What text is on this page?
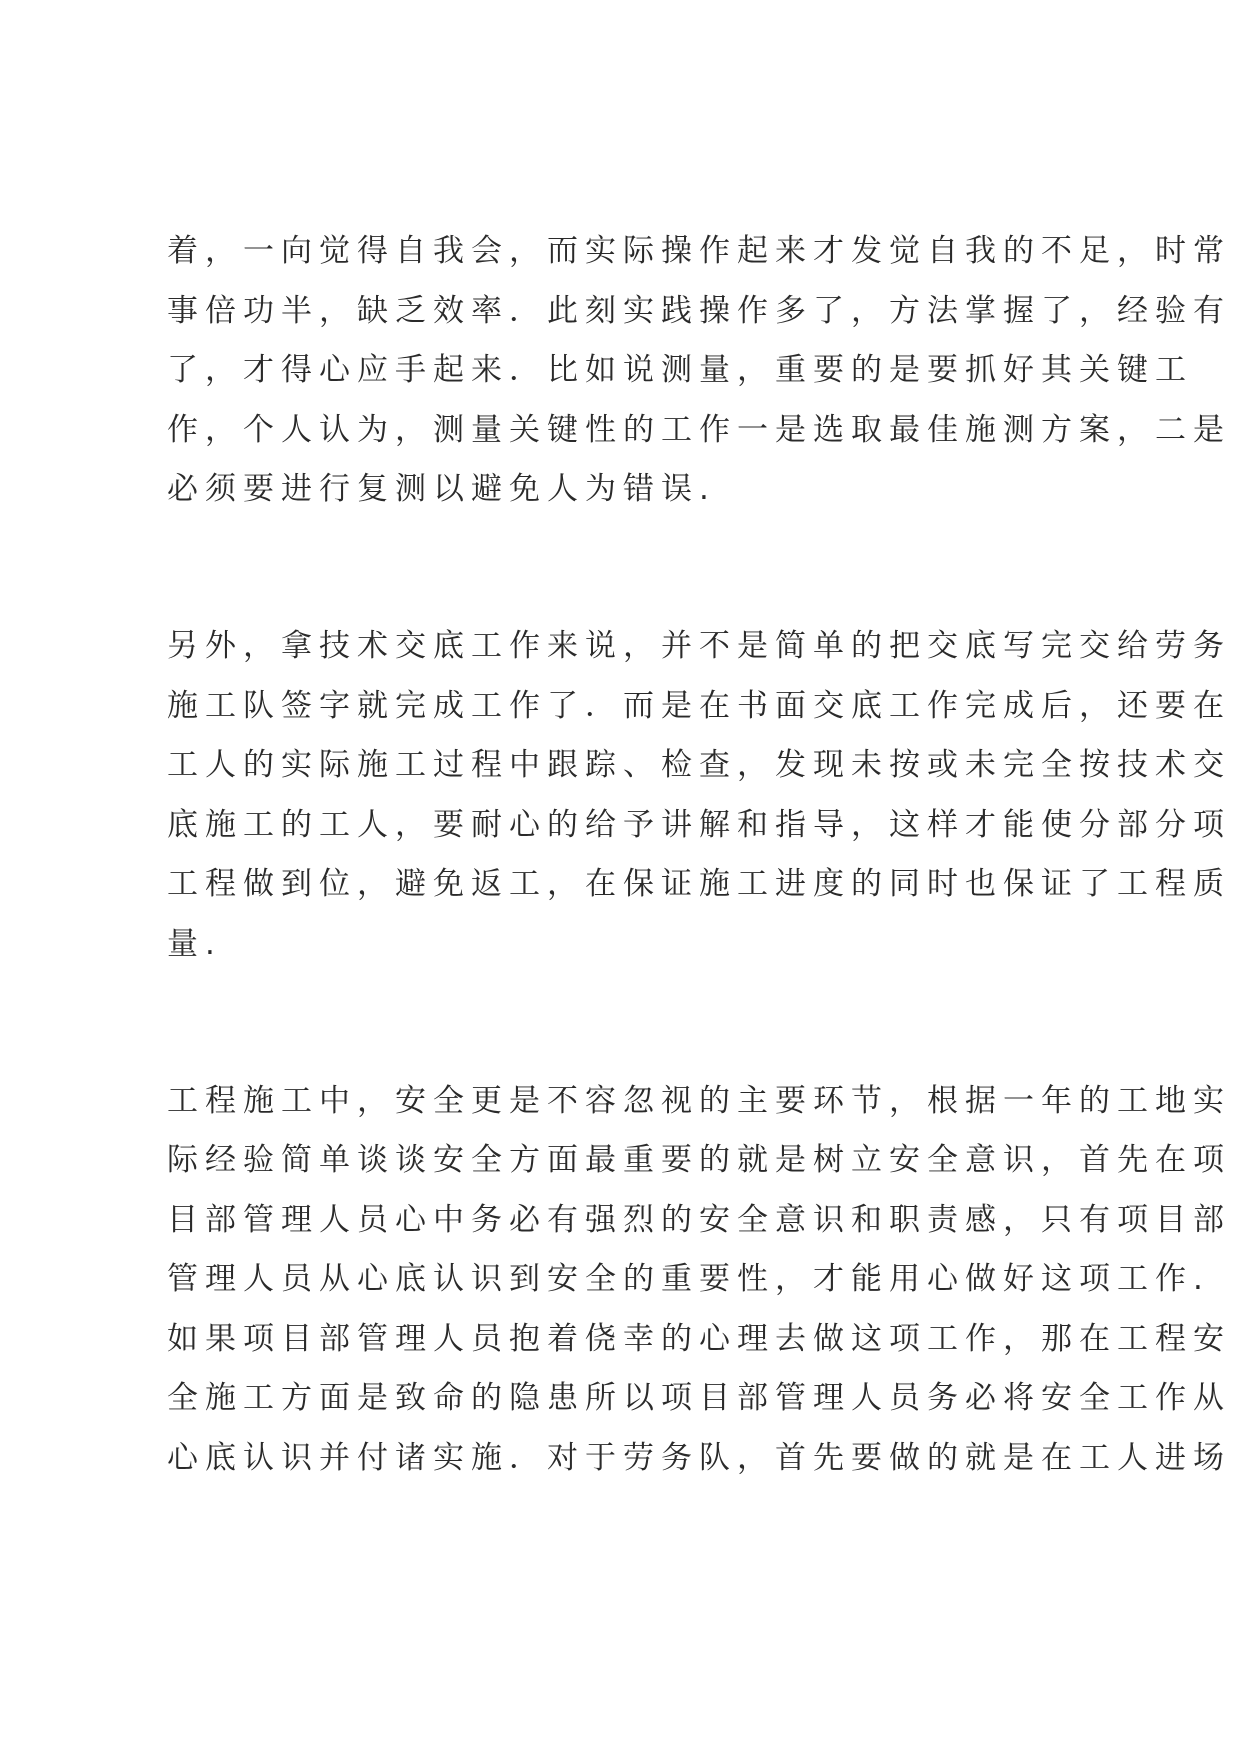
着，一向觉得自我会，而实际操作起来才发觉自我的不足，时常
事倍功半，缺乏效率．此刻实践操作多了，方法掌握了，经验有
了，才得心应手起来．比如说测量，重要的是要抓好其关键工
作，个人认为，测量关键性的工作一是选取最佳施测方案，二是
必须要进行复测以避免人为错误.
另外，拿技术交底工作来说，并不是简单的把交底写完交给劳务
施工队签字就完成工作了．而是在书面交底工作完成后，还要在
工人的实际施工过程中跟踪、检查，发现未按或未完全按技术交
底施工的工人，要耐心的给予讲解和指导，这样才能使分部分项
工程做到位，避免返工，在保证施工进度的同时也保证了工程质
量.
工程施工中，安全更是不容忽视的主要环节，根据一年的工地实
际经验简单谈谈安全方面最重要的就是树立安全意识，首先在项
目部管理人员心中务必有强烈的安全意识和职责感，只有项目部
管理人员从心底认识到安全的重要性，才能用心做好这项工作.
如果项目部管理人员抱着侥幸的心理去做这项工作，那在工程安
全施工方面是致命的隐患所以项目部管理人员务必将安全工作从
心底认识并付诸实施．对于劳务队，首先要做的就是在工人进场
